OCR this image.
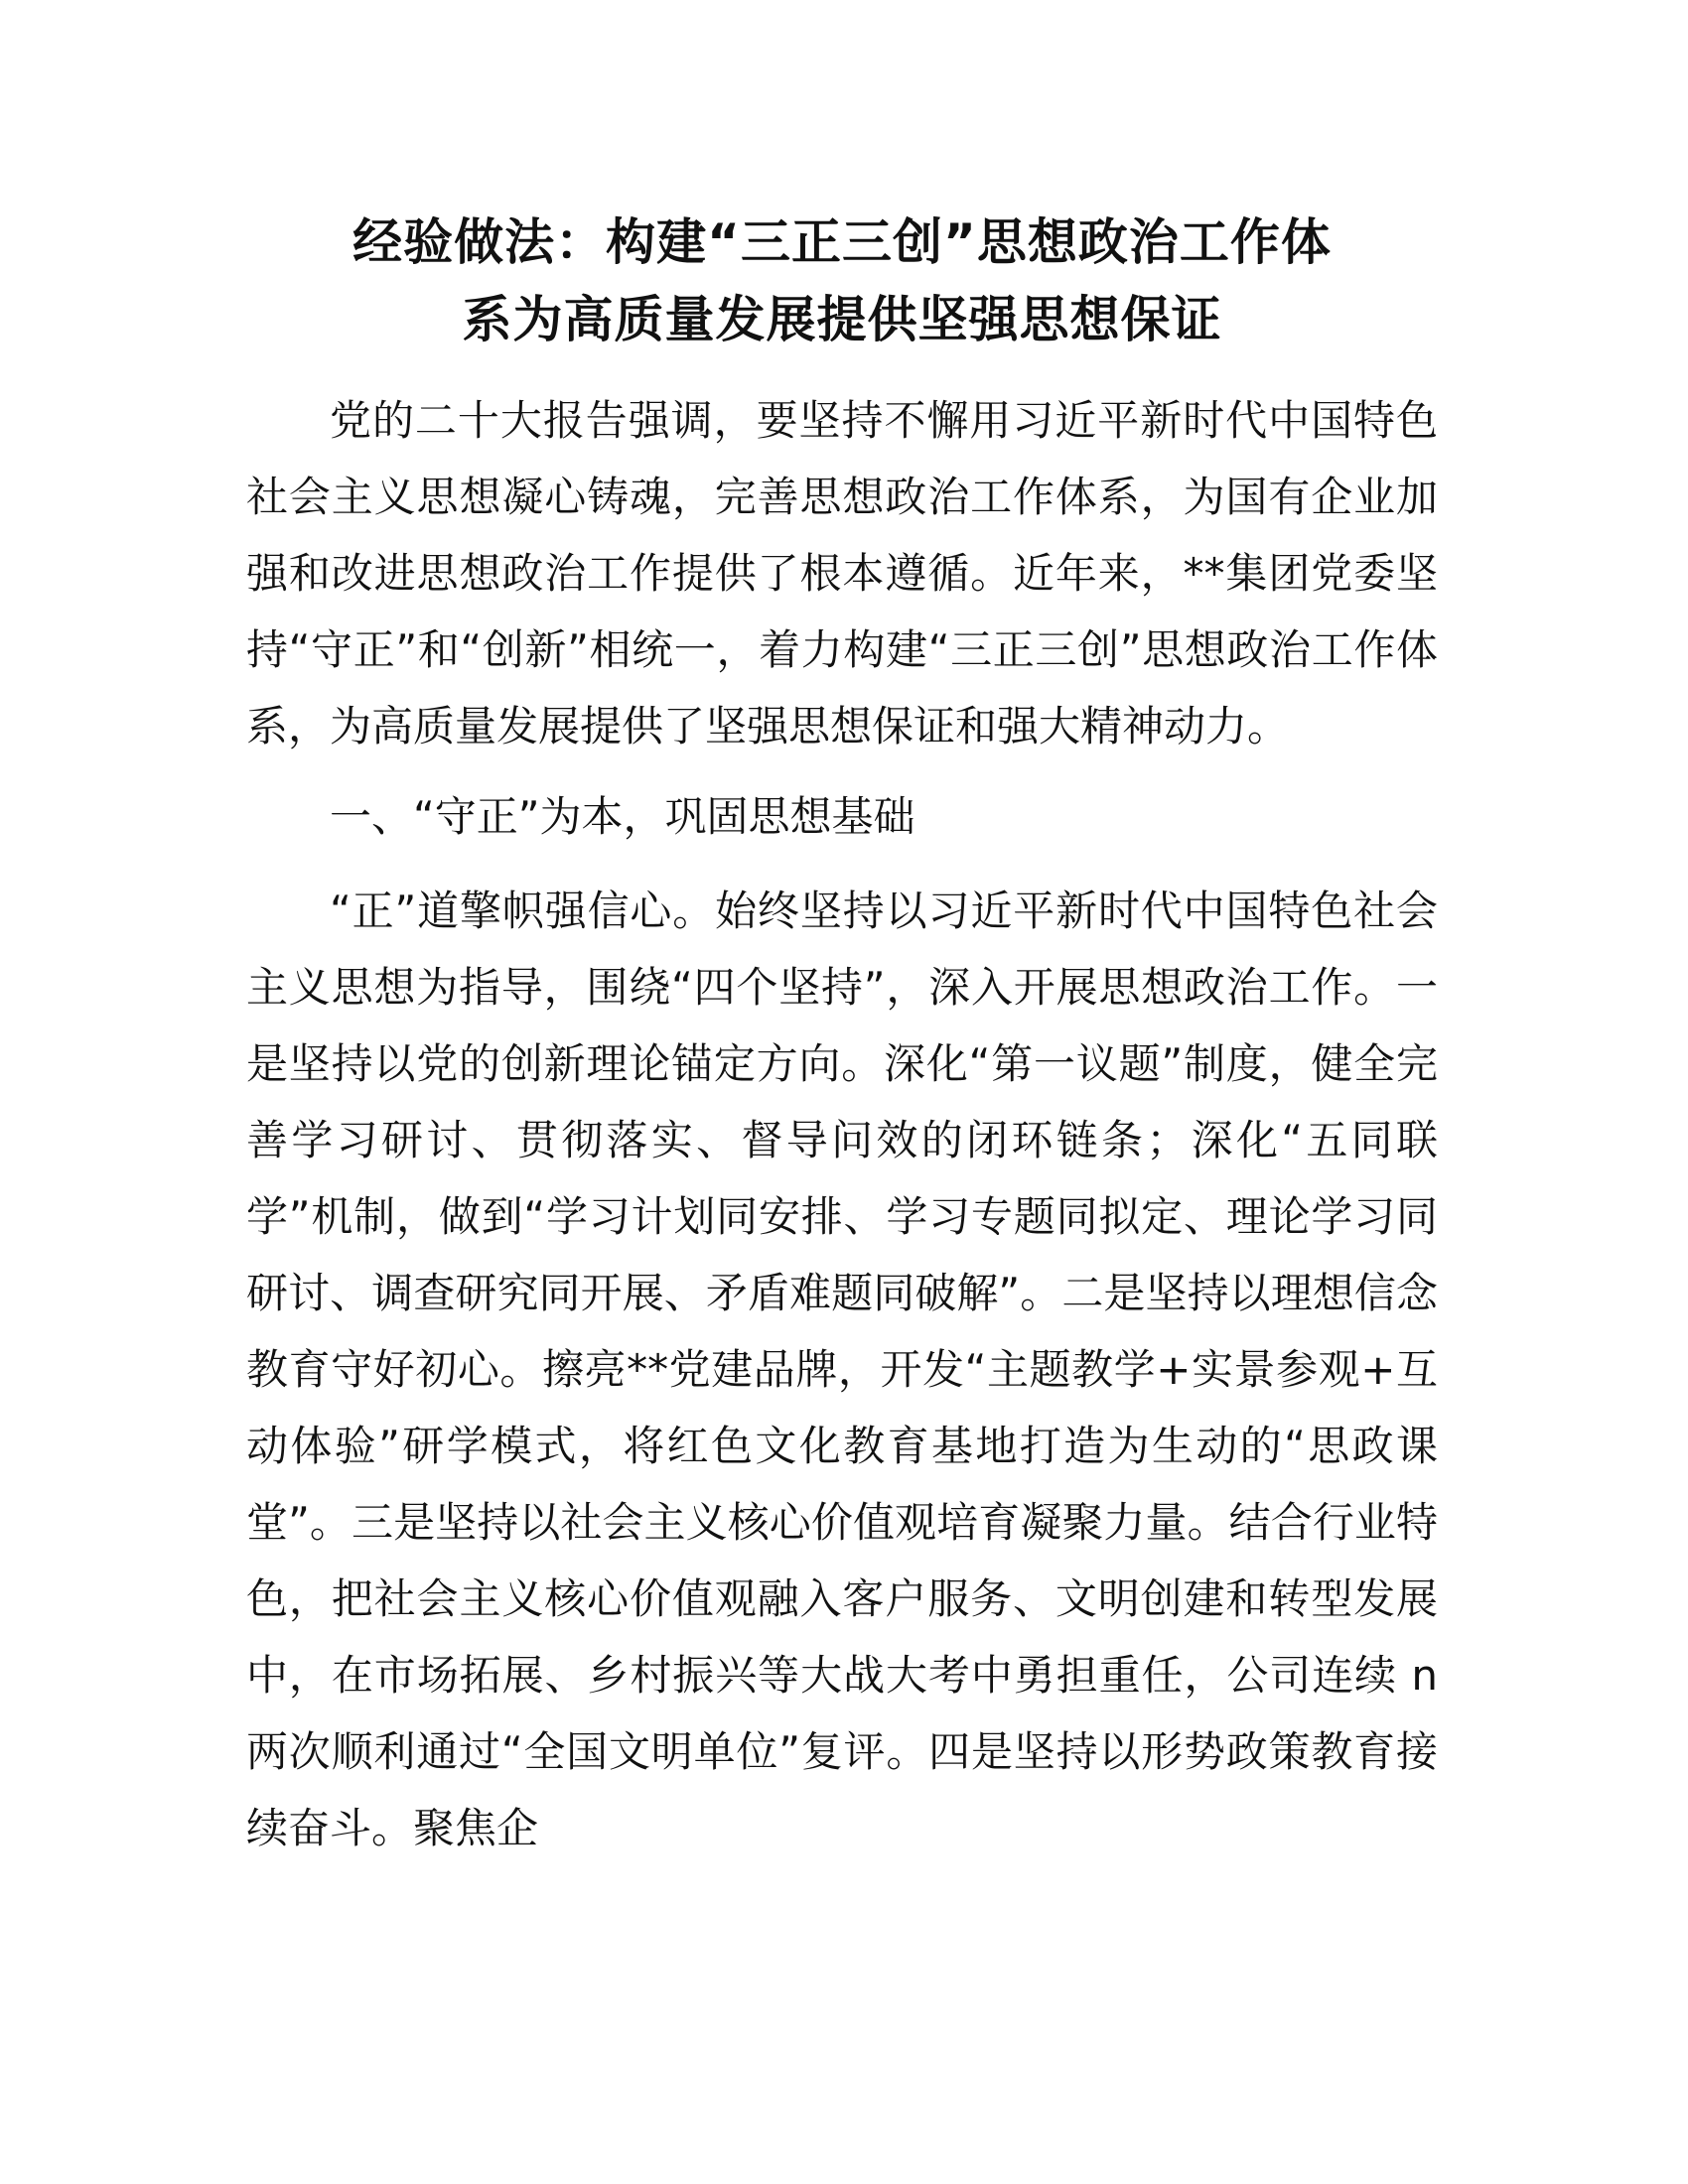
经验做法：构建“三正三创”思想政治工作体
系为高质量发展提供坚强思想保证

党的二十大报告强调，要坚持不懈用习近平新时代中国特色社会主义思想凝心铸魂，完善思想政治工作体系，为国有企业加强和改进思想政治工作提供了根本遵循。近年来，**集团党委坚持“守正”和“创新”相统一，着力构建“三正三创”思想政治工作体系，为高质量发展提供了坚强思想保证和强大精神动力。

一、“守正”为本，巩固思想基础

“正”道擎帜强信心。始终坚持以习近平新时代中国特色社会主义思想为指导，围绕“四个坚持”，深入开展思想政治工作。一是坚持以党的创新理论锚定方向。深化“第一议题”制度，健全完善学习研讨、贯彻落实、督导问效的闭环链条；深化“五同联学”机制，做到“学习计划同安排、学习专题同拟定、理论学习同研讨、调查研究同开展、矛盾难题同破解”。二是坚持以理想信念教育守好初心。擦亮**党建品牌，开发“主题教学+实景参观+互动体验”研学模式，将红色文化教育基地打造为生动的“思政课堂”。三是坚持以社会主义核心价值观培育凝聚力量。结合行业特色，把社会主义核心价值观融入客户服务、文明创建和转型发展中，在市场拓展、乡村振兴等大战大考中勇担重任，公司连续 n 两次顺利通过“全国文明单位”复评。四是坚持以形势政策教育接续奋斗。聚焦企
